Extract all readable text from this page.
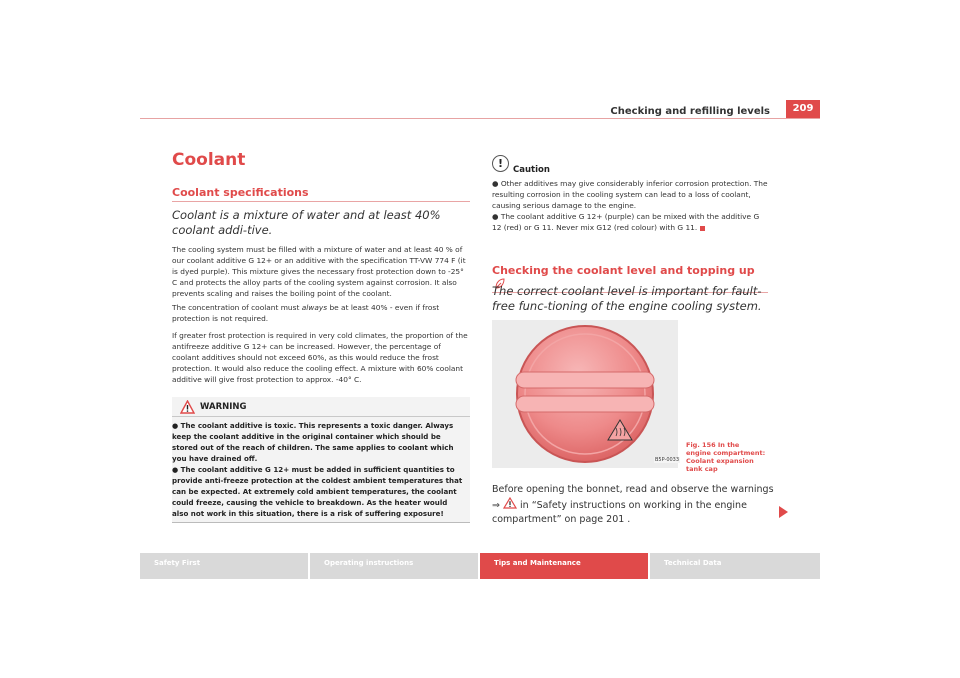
Checking and refilling levels	209
Coolant
Coolant specifications
Coolant is a mixture of water and at least 40% coolant addi-tive.
The cooling system must be filled with a mixture of water and at least 40 % of our coolant additive G 12+ or an additive with the specification TT-VW 774 F (it is dyed purple). This mixture gives the necessary frost protection down to -25° C and protects the alloy parts of the cooling system against corrosion. It also prevents scaling and raises the boiling point of the coolant.
The concentration of coolant must always be at least 40% - even if frost protection is not required.
If greater frost protection is required in very cold climates, the proportion of the antifreeze additive G 12+ can be increased. However, the percentage of coolant additives should not exceed 60%, as this would reduce the frost protection. It would also reduce the cooling effect. A mixture with 60% coolant additive will give frost protection to approx. -40° C.
WARNING
● The coolant additive is toxic. This represents a toxic danger. Always keep the coolant additive in the original container which should be stored out of the reach of children. The same applies to coolant which you have drained off.
● The coolant additive G 12+ must be added in sufficient quantities to provide anti-freeze protection at the coldest ambient temperatures that can be expected. At extremely cold ambient temperatures, the coolant could freeze, causing the vehicle to breakdown. As the heater would also not work in this situation, there is a risk of suffering exposure!
!	Caution
● Other additives may give considerably inferior corrosion protection. The resulting corrosion in the cooling system can lead to a loss of coolant, causing serious damage to the engine.
● The coolant additive G 12+ (purple) can be mixed with the additive G 12 (red) or G 11. Never mix G12 (red colour) with G 11.
Checking the coolant level and topping up
The correct coolant level is important for fault-free func-tioning of the engine cooling system.
B5P-0033
Fig. 156 In the engine compartment: Coolant expansion tank cap
Before opening the bonnet, read and observe the warnings ⇒  in “Safety instructions on working in the engine compartment” on page 201 .
Safety First	Operating instructions	Tips and Maintenance	Technical Data
